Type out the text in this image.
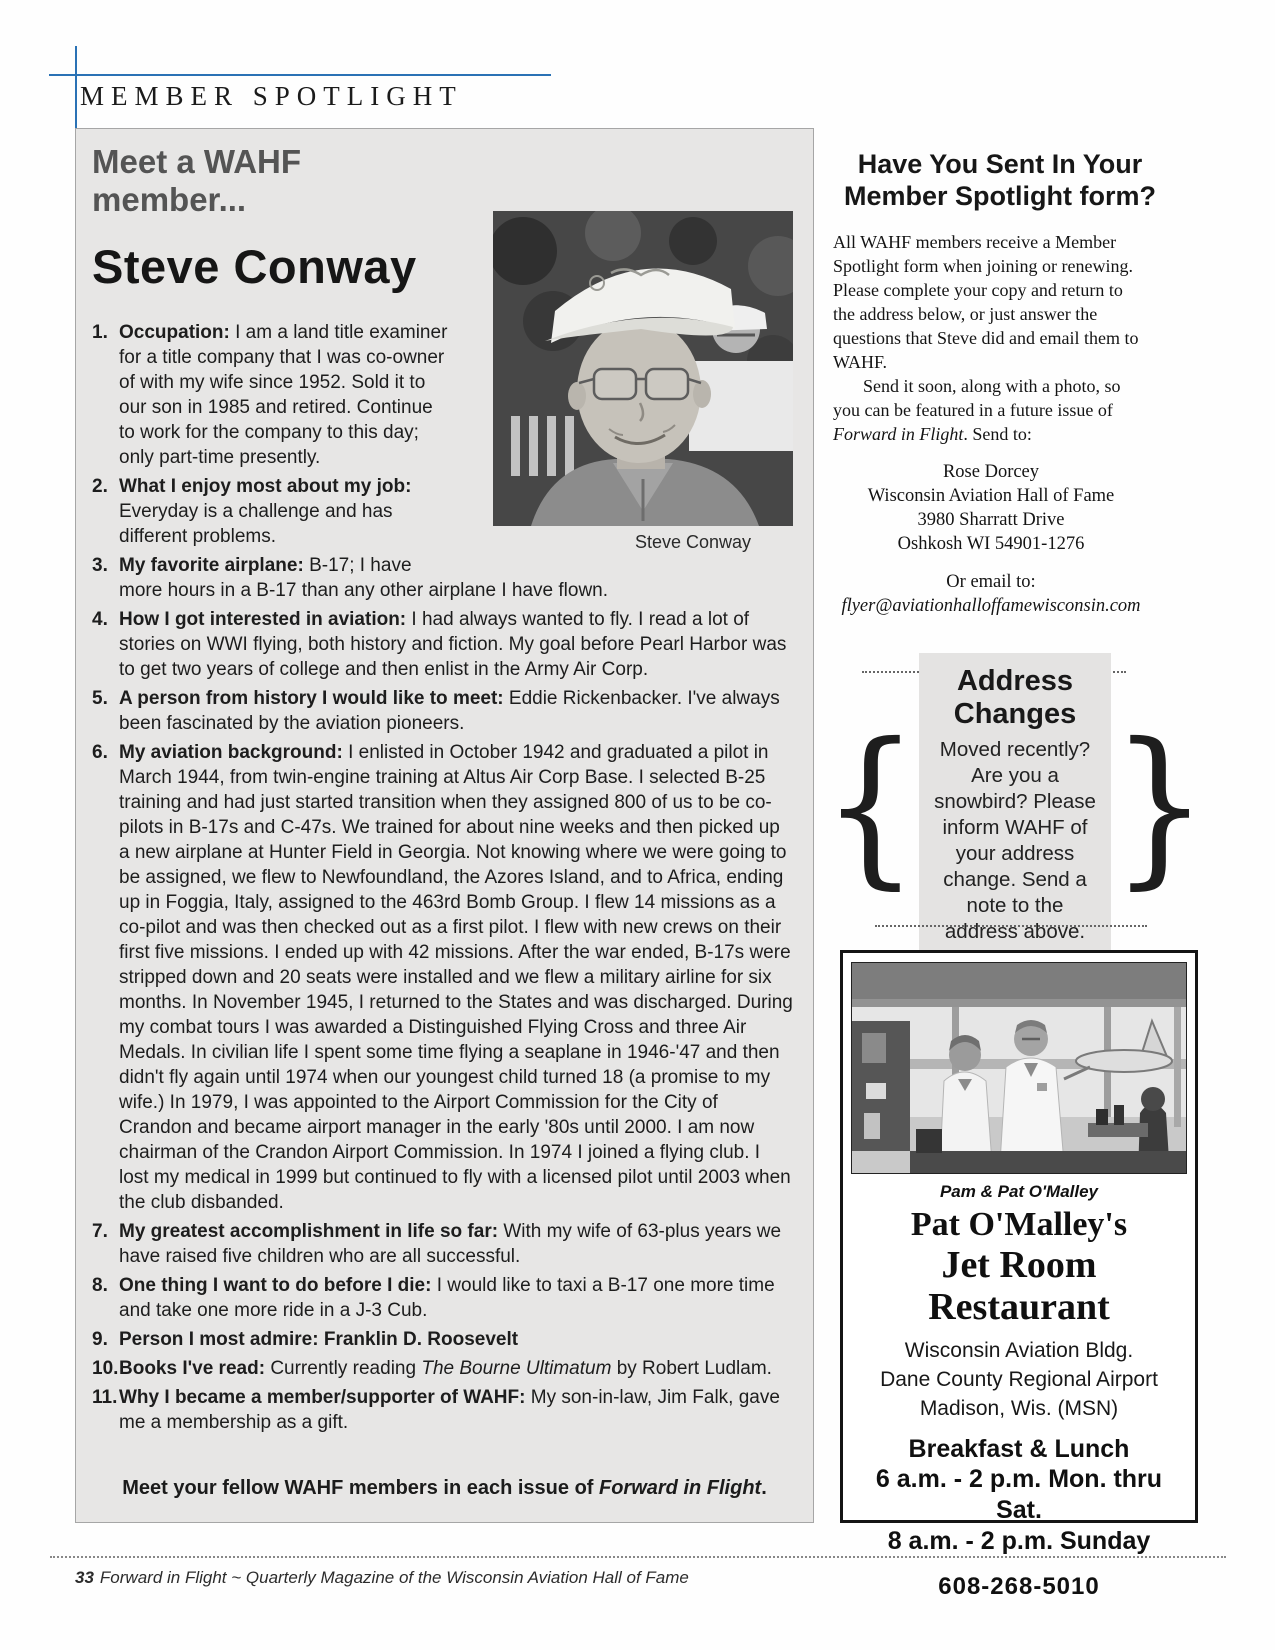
MEMBER SPOTLIGHT
Steve Conway
Meet a WAHF member...
Steve Conway
1. Occupation: I am a land title examiner for a title company that I was co-owner of with my wife since 1952. Sold it to our son in 1985 and retired. Continue to work for the company to this day; only part-time presently.
2. What I enjoy most about my job: Everyday is a challenge and has different problems.
3. My favorite airplane: B-17; I have more hours in a B-17 than any other airplane I have flown.
4. How I got interested in aviation: I had always wanted to fly. I read a lot of stories on WWI flying, both history and fiction. My goal before Pearl Harbor was to get two years of college and then enlist in the Army Air Corp.
5. A person from history I would like to meet: Eddie Rickenbacker. I've always been fascinated by the aviation pioneers.
6. My aviation background: I enlisted in October 1942 and graduated a pilot in March 1944, from twin-engine training at Altus Air Corp Base. I selected B-25 training and had just started transition when they assigned 800 of us to be co-pilots in B-17s and C-47s. We trained for about nine weeks and then picked up a new airplane at Hunter Field in Georgia. Not knowing where we were going to be assigned, we flew to Newfoundland, the Azores Island, and to Africa, ending up in Foggia, Italy, assigned to the 463rd Bomb Group. I flew 14 missions as a co-pilot and was then checked out as a first pilot. I flew with new crews on their first five missions. I ended up with 42 missions. After the war ended, B-17s were stripped down and 20 seats were installed and we flew a military airline for six months. In November 1945, I returned to the States and was discharged. During my combat tours I was awarded a Distinguished Flying Cross and three Air Medals. In civilian life I spent some time flying a seaplane in 1946-'47 and then didn't fly again until 1974 when our youngest child turned 18 (a promise to my wife.) In 1979, I was appointed to the Airport Commission for the City of Crandon and became airport manager in the early '80s until 2000. I am now chairman of the Crandon Airport Commission. In 1974 I joined a flying club. I lost my medical in 1999 but continued to fly with a licensed pilot until 2003 when the club disbanded.
7. My greatest accomplishment in life so far: With my wife of 63-plus years we have raised five children who are all successful.
8. One thing I want to do before I die: I would like to taxi a B-17 one more time and take one more ride in a J-3 Cub.
9. Person I most admire: Franklin D. Roosevelt
10. Books I've read: Currently reading The Bourne Ultimatum by Robert Ludlam.
11. Why I became a member/supporter of WAHF: My son-in-law, Jim Falk, gave me a membership as a gift.
Meet your fellow WAHF members in each issue of Forward in Flight.
Have You Sent In Your
Member Spotlight form?

All WAHF members receive a Member Spotlight form when joining or renewing. Please complete your copy and return to the address below, or just answer the questions that Steve did and email them to WAHF.

Send it soon, along with a photo, so you can be featured in a future issue of Forward in Flight. Send to:

Rose Dorcey
Wisconsin Aviation Hall of Fame
3980 Sharratt Drive
Oshkosh WI 54901-1276
Or email to:
flyer@aviationhalloffamewisconsin.com
{
Address Changes

Moved recently? Are you a snowbird? Please inform WAHF of your address change. Send a note to the address above.

}
Pam & Pat O'Malley
Pat O'Malley's
Jet Room Restaurant
Wisconsin Aviation Bldg.
Dane County Regional Airport
Madison, Wis. (MSN)
Breakfast & Lunch
6 a.m. - 2 p.m. Mon. thru Sat.
8 a.m. - 2 p.m. Sunday
608-268-5010
33 Forward in Flight ~ Quarterly Magazine of the Wisconsin Aviation Hall of Fame
